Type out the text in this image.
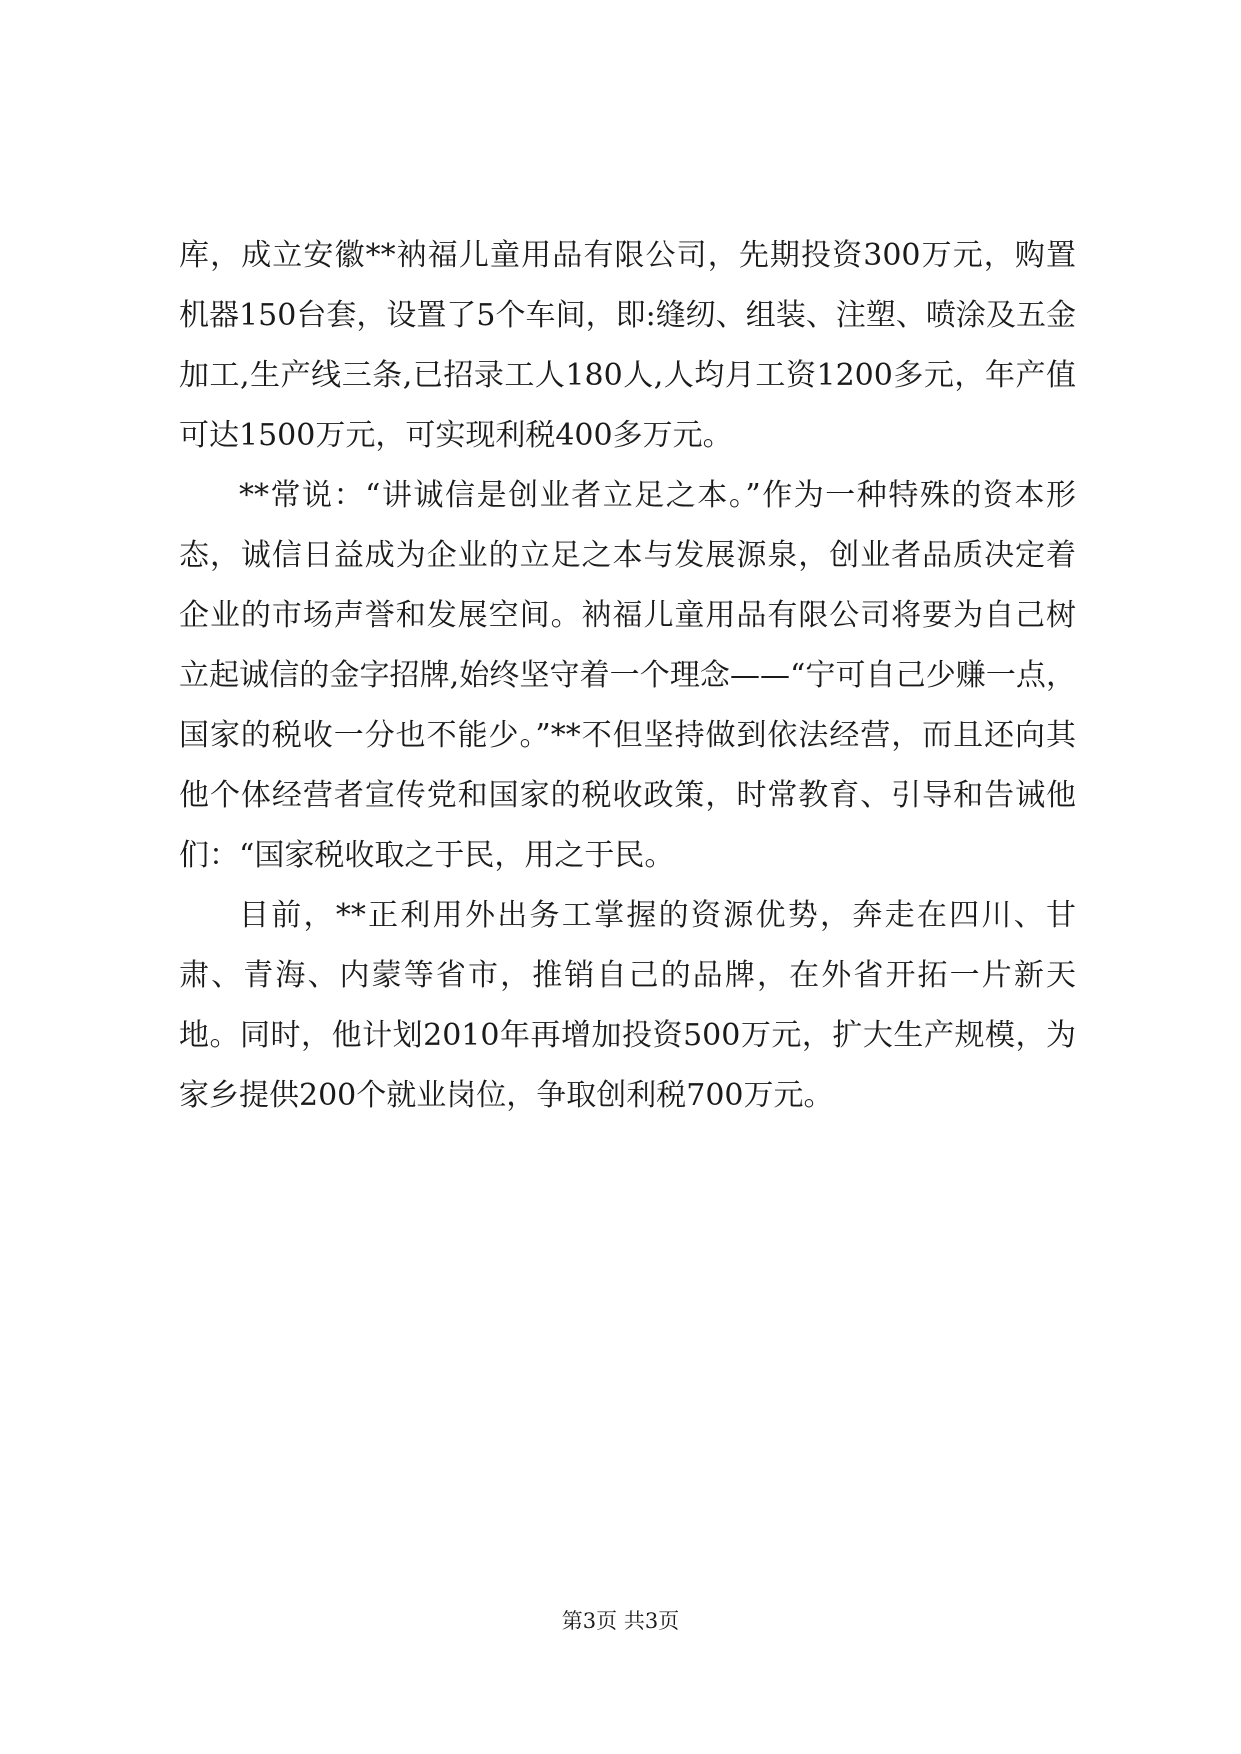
库，成立安徽**衲福儿童用品有限公司，先期投资300万元，购置机器150台套，设置了5个车间，即:缝纫、组装、注塑、喷涂及五金加工,生产线三条,已招录工人180人,人均月工资1200多元，年产值可达1500万元，可实现利税400多万元。

**常说：“讲诚信是创业者立足之本。”作为一种特殊的资本形态，诚信日益成为企业的立足之本与发展源泉，创业者品质决定着企业的市场声誉和发展空间。衲福儿童用品有限公司将要为自己树立起诚信的金字招牌,始终坚守着一个理念——“宁可自己少赚一点，国家的税收一分也不能少。”**不但坚持做到依法经营，而且还向其他个体经营者宣传党和国家的税收政策，时常教育、引导和告诫他们：“国家税收取之于民，用之于民。

目前，**正利用外出务工掌握的资源优势，奔走在四川、甘肃、青海、内蒙等省市，推销自己的品牌，在外省开拓一片新天地。同时，他计划2010年再增加投资500万元，扩大生产规模，为家乡提供200个就业岗位，争取创利税700万元。

第3页 共3页
